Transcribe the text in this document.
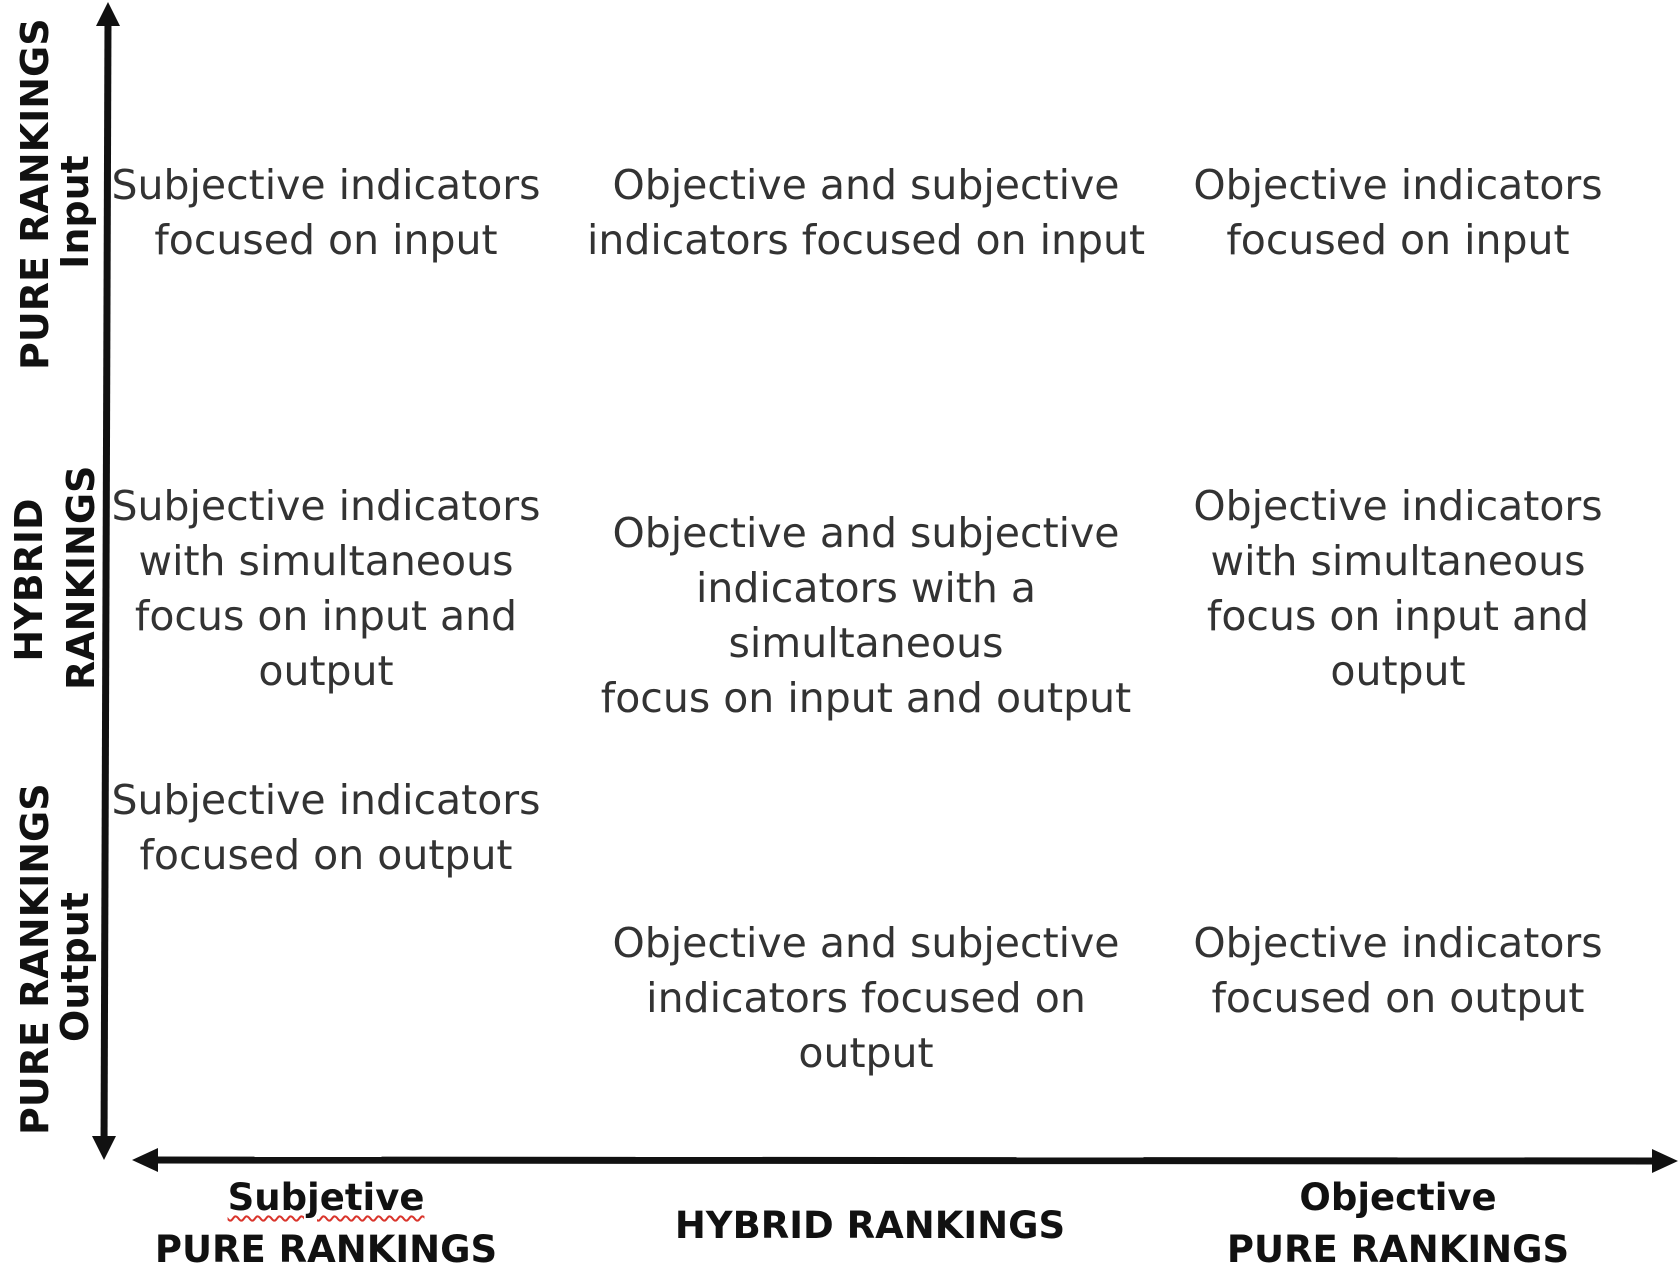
PURE RANKINGS
Input
HYBRID RANKINGS
PURE RANKINGS
Output
Subjective indicators
focused on input
Objective and subjective
indicators focused on input
Objective indicators
focused on input
Subjective indicators
with simultaneous
focus on input and
output
Objective and subjective
indicators with a simultaneous
focus on input and output
Objective indicators
with simultaneous
focus on input and
output
Subjective indicators
focused on output
Objective and subjective
indicators focused on output
Objective indicators
focused on output
Subjetive
PURE RANKINGS
HYBRID RANKINGS
Objective
PURE RANKINGS
